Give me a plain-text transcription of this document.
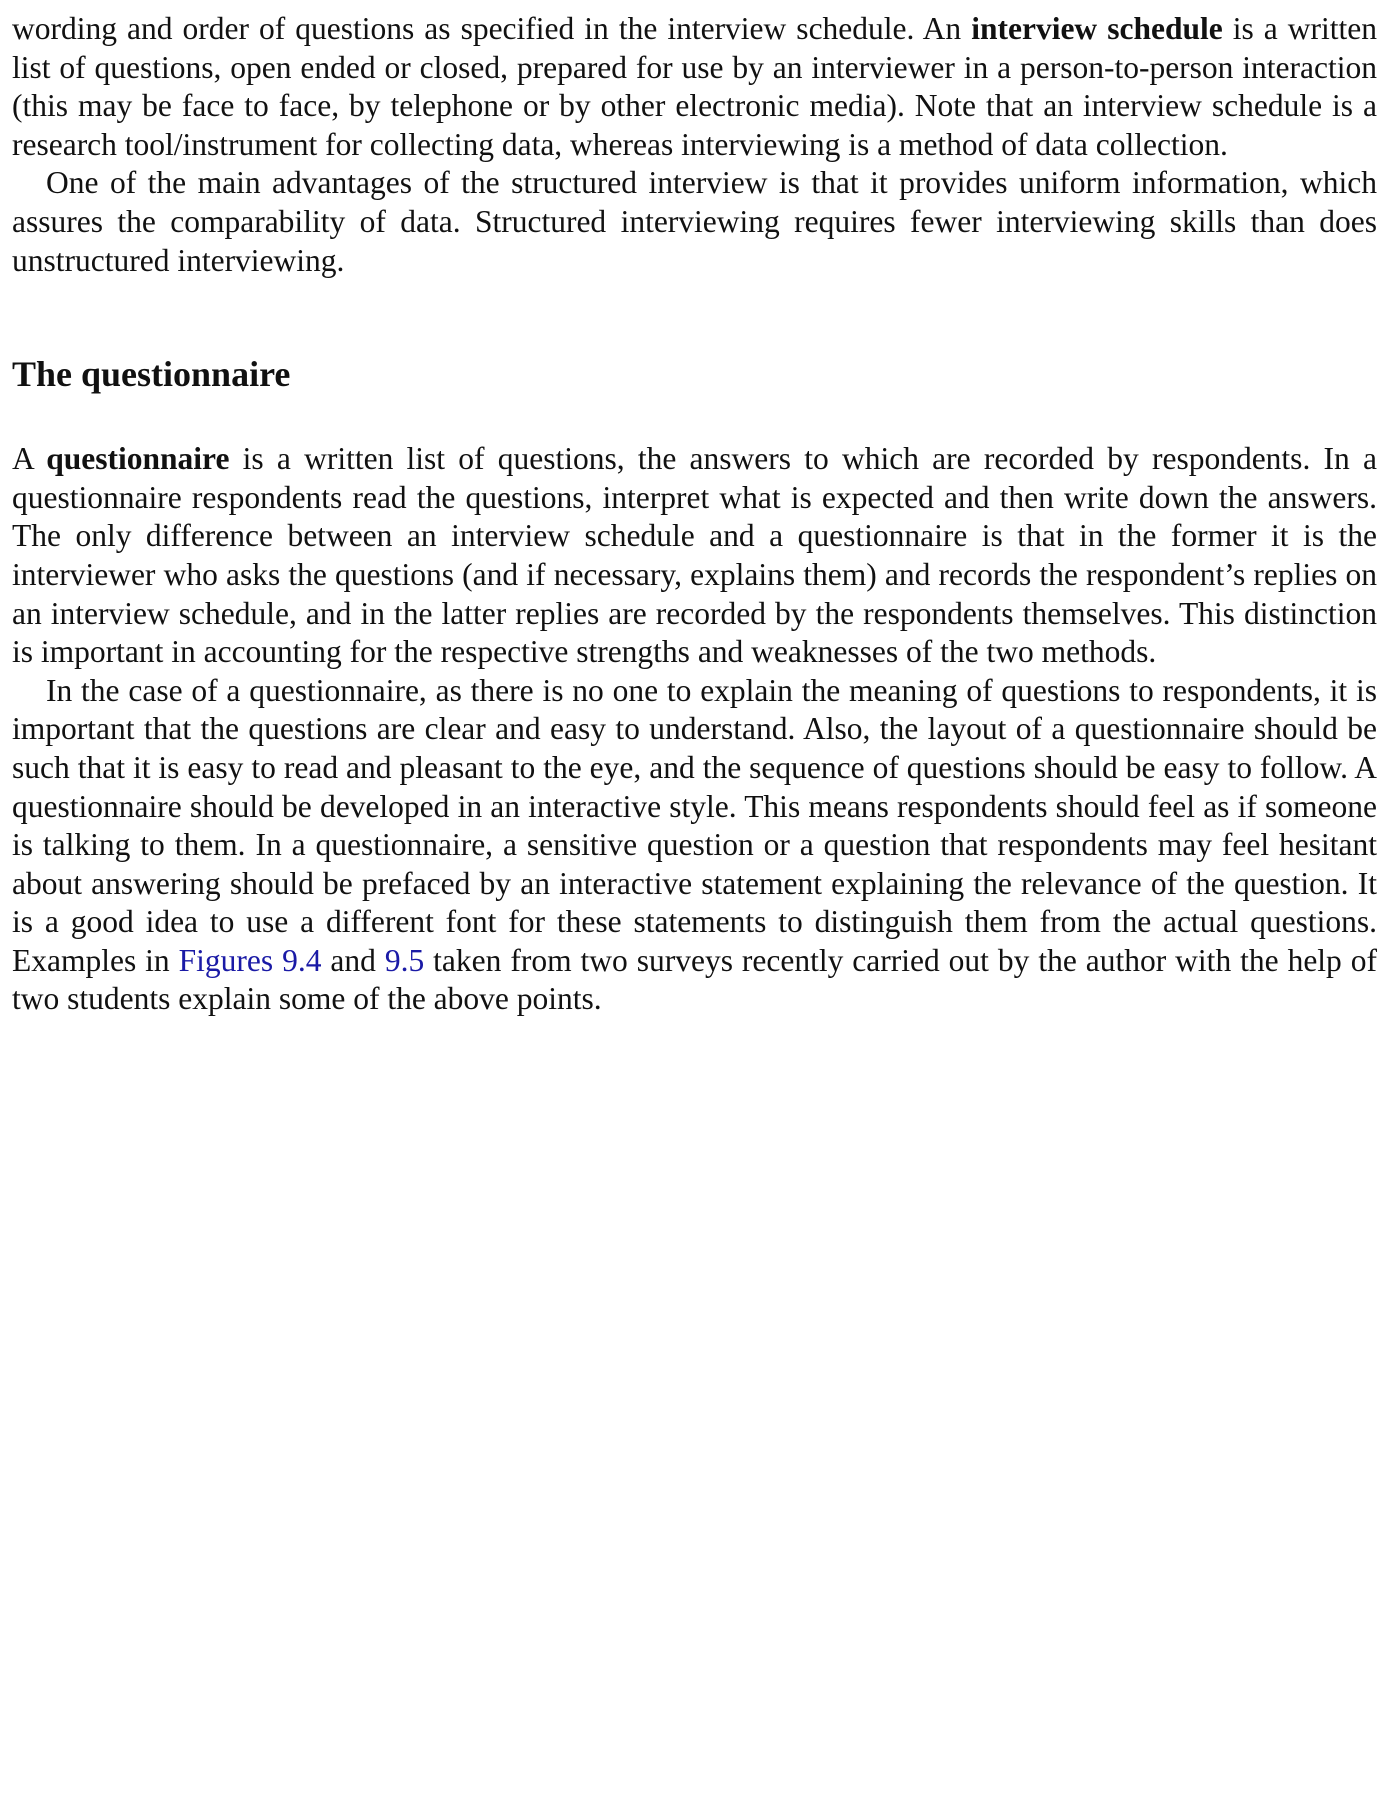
wording and order of questions as specified in the interview schedule. An interview schedule is a written list of questions, open ended or closed, prepared for use by an interviewer in a person-to-person interaction (this may be face to face, by telephone or by other electronic media). Note that an interview schedule is a research tool/instrument for collecting data, whereas interviewing is a method of data collection.

One of the main advantages of the structured interview is that it provides uniform information, which assures the comparability of data. Structured interviewing requires fewer interviewing skills than does unstructured interviewing.

The questionnaire

A questionnaire is a written list of questions, the answers to which are recorded by respondents. In a questionnaire respondents read the questions, interpret what is expected and then write down the answers. The only difference between an interview schedule and a questionnaire is that in the former it is the interviewer who asks the questions (and if necessary, explains them) and records the respondent’s replies on an interview schedule, and in the latter replies are recorded by the respondents themselves. This distinction is important in accounting for the respective strengths and weaknesses of the two methods.

In the case of a questionnaire, as there is no one to explain the meaning of questions to respondents, it is important that the questions are clear and easy to understand. Also, the layout of a questionnaire should be such that it is easy to read and pleasant to the eye, and the sequence of questions should be easy to follow. A questionnaire should be developed in an interactive style. This means respondents should feel as if someone is talking to them. In a questionnaire, a sensitive question or a question that respondents may feel hesitant about answering should be prefaced by an interactive statement explaining the relevance of the question. It is a good idea to use a different font for these statements to distinguish them from the actual questions. Examples in Figures 9.4 and 9.5 taken from two surveys recently carried out by the author with the help of two students explain some of the above points.
